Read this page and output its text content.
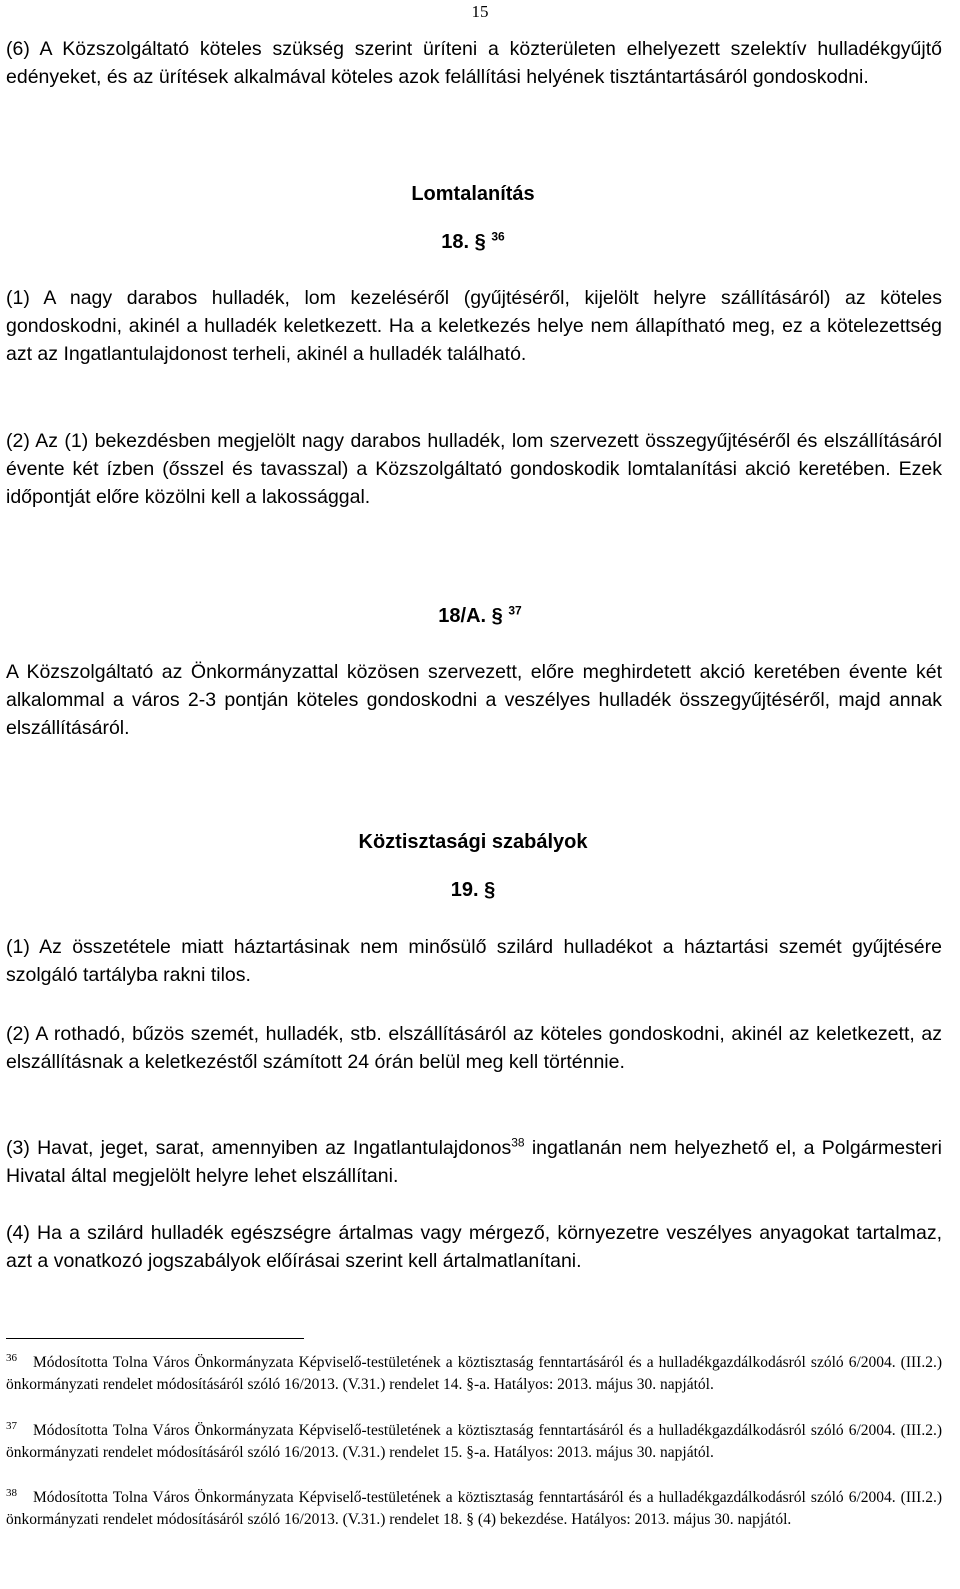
15

(6) A Közszolgáltató köteles szükség szerint üríteni a közterületen elhelyezett szelektív hulladékgyűjtő edényeket, és az ürítések alkalmával köteles azok felállítási helyének tisztántartásáról gondoskodni.

Lomtalanítás

18. § $^{36}$

(1) A nagy darabos hulladék, lom kezeléséről (gyűjtéséről, kijelölt helyre szállításáról) az köteles gondoskodni, akinél a hulladék keletkezett. Ha a keletkezés helye nem állapítható meg, ez a kötelezettség azt az Ingatlantulajdonost terheli, akinél a hulladék található.

(2) Az (1) bekezdésben megjelölt nagy darabos hulladék, lom szervezett összegyűjtéséről és elszállításáról évente két ízben (ősszel és tavasszal) a Közszolgáltató gondoskodik lomtalanítási akció keretében. Ezek időpontját előre közölni kell a lakossággal.

18/A. § $^{37}$

A Közszolgáltató az Önkormányzattal közösen szervezett, előre meghirdetett akció keretében évente két alkalommal a város 2-3 pontján köteles gondoskodni a veszélyes hulladék összegyűjtéséről, majd annak elszállításáról.

Köztisztasági szabályok

19. §

(1) Az összetétele miatt háztartásinak nem minősülő szilárd hulladékot a háztartási szemét gyűjtésére szolgáló tartályba rakni tilos.

(2) A rothadó, bűzös szemét, hulladék, stb. elszállításáról az köteles gondoskodni, akinél az keletkezett, az elszállításnak a keletkezéstől számított 24 órán belül meg kell történnie.

(3) Havat, jeget, sarat, amennyiben az Ingatlantulajdonos$^{38}$ ingatlanán nem helyezhető el, a Polgármesteri Hivatal által megjelölt helyre lehet elszállítani.

(4) Ha a szilárd hulladék egészségre ártalmas vagy mérgező, környezetre veszélyes anyagokat tartalmaz, azt a vonatkozó jogszabályok előírásai szerint kell ártalmatlanítani.

$^{36}$ Módosította Tolna Város Önkormányzata Képviselő-testületének a köztisztaság fenntartásáról és a hulladékgazdálkodásról szóló 6/2004. (III.2.) önkormányzati rendelet módosításáról szóló 16/2013. (V.31.) rendelet 14. §-a. Hatályos: 2013. május 30. napjától.

$^{37}$ Módosította Tolna Város Önkormányzata Képviselő-testületének a köztisztaság fenntartásáról és a hulladékgazdálkodásról szóló 6/2004. (III.2.) önkormányzati rendelet módosításáról szóló 16/2013. (V.31.) rendelet 15. §-a. Hatályos: 2013. május 30. napjától.

$^{38}$ Módosította Tolna Város Önkormányzata Képviselő-testületének a köztisztaság fenntartásáról és a hulladékgazdálkodásról szóló 6/2004. (III.2.) önkormányzati rendelet módosításáról szóló 16/2013. (V.31.) rendelet 18. § (4) bekezdése. Hatályos: 2013. május 30. napjától.
